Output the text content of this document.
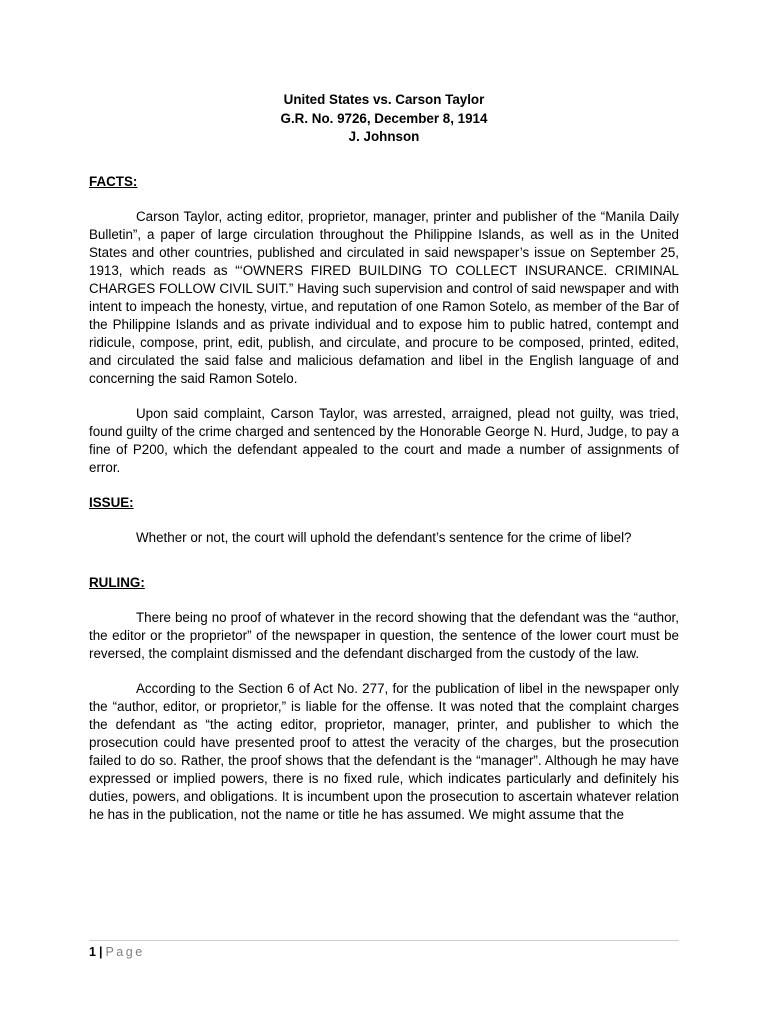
United States vs. Carson Taylor
G.R. No. 9726, December 8, 1914
J. Johnson
FACTS:

Carson Taylor, acting editor, proprietor, manager, printer and publisher of the “Manila Daily Bulletin”, a paper of large circulation throughout the Philippine Islands, as well as in the United States and other countries, published and circulated in said newspaper’s issue on September 25, 1913, which reads as “‘OWNERS FIRED BUILDING TO COLLECT INSURANCE. CRIMINAL CHARGES FOLLOW CIVIL SUIT.” Having such supervision and control of said newspaper and with intent to impeach the honesty, virtue, and reputation of one Ramon Sotelo, as member of the Bar of the Philippine Islands and as private individual and to expose him to public hatred, contempt and ridicule, compose, print, edit, publish, and circulate, and procure to be composed, printed, edited, and circulated the said false and malicious defamation and libel in the English language of and concerning the said Ramon Sotelo.

Upon said complaint, Carson Taylor, was arrested, arraigned, plead not guilty, was tried, found guilty of the crime charged and sentenced by the Honorable George N. Hurd, Judge, to pay a fine of P200, which the defendant appealed to the court and made a number of assignments of error.

ISSUE:

Whether or not, the court will uphold the defendant’s sentence for the crime of libel?

RULING:

There being no proof of whatever in the record showing that the defendant was the “author, the editor or the proprietor” of the newspaper in question, the sentence of the lower court must be reversed, the complaint dismissed and the defendant discharged from the custody of the law.

According to the Section 6 of Act No. 277, for the publication of libel in the newspaper only the “author, editor, or proprietor,” is liable for the offense. It was noted that the complaint charges the defendant as “the acting editor, proprietor, manager, printer, and publisher to which the prosecution could have presented proof to attest the veracity of the charges, but the prosecution failed to do so. Rather, the proof shows that the defendant is the “manager”. Although he may have expressed or implied powers, there is no fixed rule, which indicates particularly and definitely his duties, powers, and obligations. It is incumbent upon the prosecution to ascertain whatever relation he has in the publication, not the name or title he has assumed. We might assume that the

1 | Page
